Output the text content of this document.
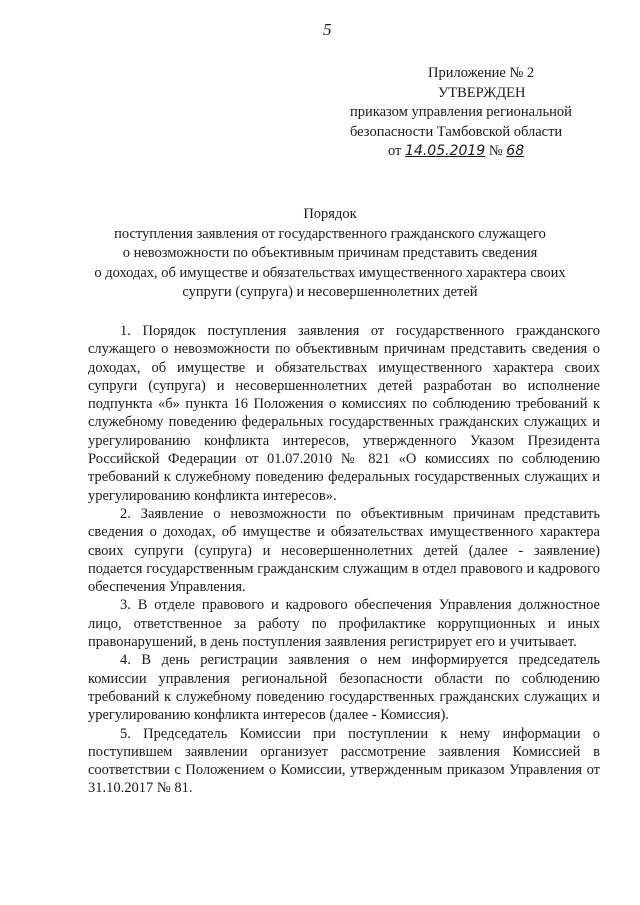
5
Приложение № 2
УТВЕРЖДЕН
приказом управления региональной
безопасности Тамбовской области
от 14.05.2019 № 68
Порядок
поступления заявления от государственного гражданского служащего
о невозможности по объективным причинам представить сведения
о доходах, об имуществе и обязательствах имущественного характера своих
супруги (супруга) и несовершеннолетних детей

1. Порядок поступления заявления от государственного гражданского служащего о невозможности по объективным причинам представить сведения о доходах, об имуществе и обязательствах имущественного характера своих супруги (супруга) и несовершеннолетних детей разработан во исполнение подпункта «б» пункта 16 Положения о комиссиях по соблюдению требований к служебному поведению федеральных государственных гражданских служащих и урегулированию конфликта интересов, утвержденного Указом Президента Российской Федерации от 01.07.2010 № 821 «О комиссиях по соблюдению требований к служебному поведению федеральных государственных служащих и урегулированию конфликта интересов».

2. Заявление о невозможности по объективным причинам представить сведения о доходах, об имуществе и обязательствах имущественного характера своих супруги (супруга) и несовершеннолетних детей (далее - заявление) подается государственным гражданским служащим в отдел правового и кадрового обеспечения Управления.

3. В отделе правового и кадрового обеспечения Управления должностное лицо, ответственное за работу по профилактике коррупционных и иных правонарушений, в день поступления заявления регистрирует его и учитывает.

4. В день регистрации заявления о нем информируется председатель комиссии управления региональной безопасности области по соблюдению требований к служебному поведению государственных гражданских служащих и урегулированию конфликта интересов (далее - Комиссия).

5. Председатель Комиссии при поступлении к нему информации о поступившем заявлении организует рассмотрение заявления Комиссией в соответствии с Положением о Комиссии, утвержденным приказом Управления от 31.10.2017 № 81.
